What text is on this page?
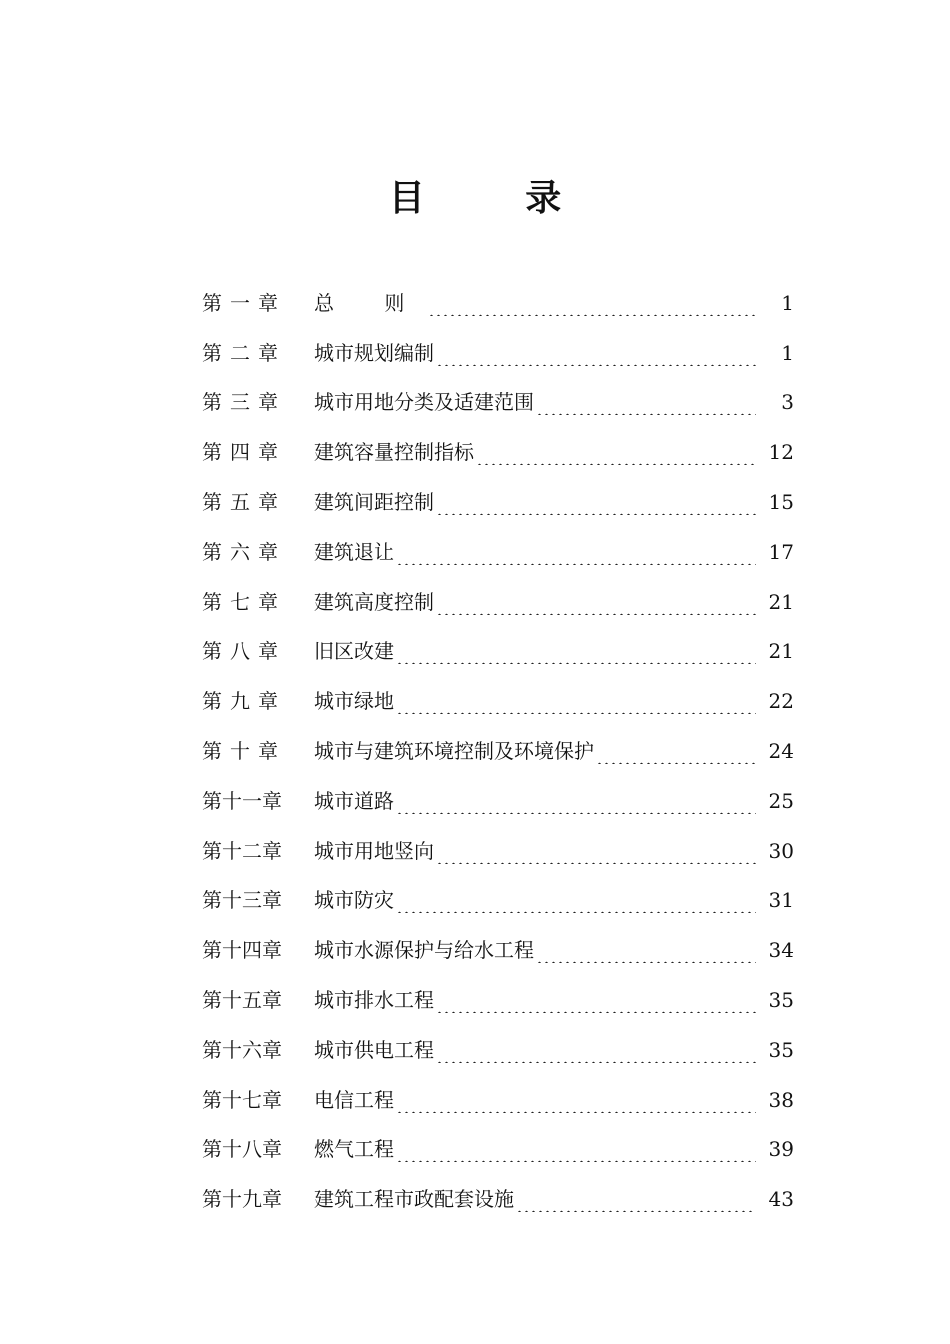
目 录
第一章	总 则	1
第二章	城市规划编制	1
第三章	城市用地分类及适建范围	3
第四章	建筑容量控制指标	12
第五章	建筑间距控制	15
第六章	建筑退让	17
第七章	建筑高度控制	21
第八章	旧区改建	21
第九章	城市绿地	22
第十章	城市与建筑环境控制及环境保护	24
第十一章	城市道路	25
第十二章	城市用地竖向	30
第十三章	城市防灾	31
第十四章	城市水源保护与给水工程	34
第十五章	城市排水工程	35
第十六章	城市供电工程	35
第十七章	电信工程	38
第十八章	燃气工程	39
第十九章	建筑工程市政配套设施	43
